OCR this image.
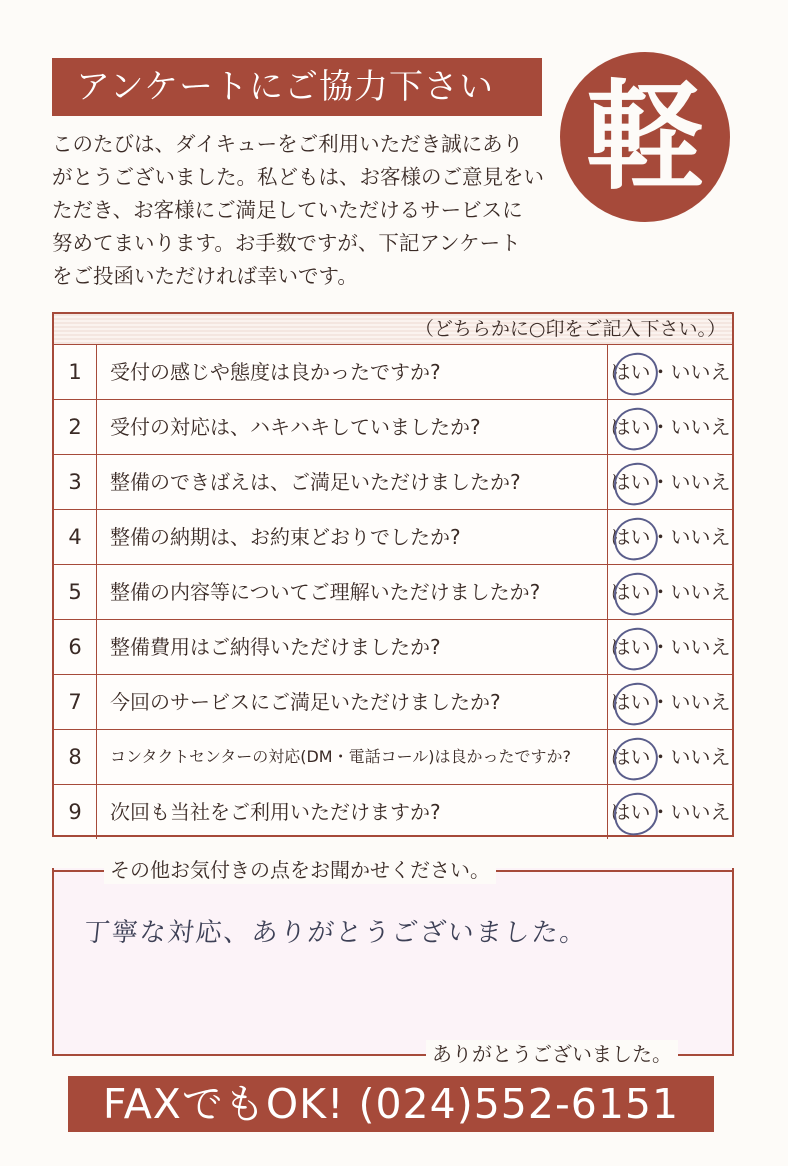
アンケートにご協力下さい 軽
このたびは、ダイキューをご利用いただき誠にあり
がとうございました。私どもは、お客様のご意見をい
ただき、お客様にご満足していただけるサービスに
努めてまいります。お手数ですが、下記アンケート
をご投函いただければ幸いです。
（どちらかに○印をご記入下さい。）
1	受付の感じや態度は良かったですか?	はい・いいえ
2	受付の対応は、ハキハキしていましたか?	はい・いいえ
3	整備のできばえは、ご満足いただけましたか?	はい・いいえ
4	整備の納期は、お約束どおりでしたか?	はい・いいえ
5	整備の内容等についてご理解いただけましたか?	はい・いいえ
6	整備費用はご納得いただけましたか?	はい・いいえ
7	今回のサービスにご満足いただけましたか?	はい・いいえ
8	コンタクトセンターの対応(DM・電話コール)は良かったですか? はい・いいえ
9	次回も当社をご利用いただけますか?	はい・いいえ
その他お気付きの点をお聞かせください。
丁寧な対応、ありがとうございました。
ありがとうございました。
FAXでもOK! (024)552-6151
